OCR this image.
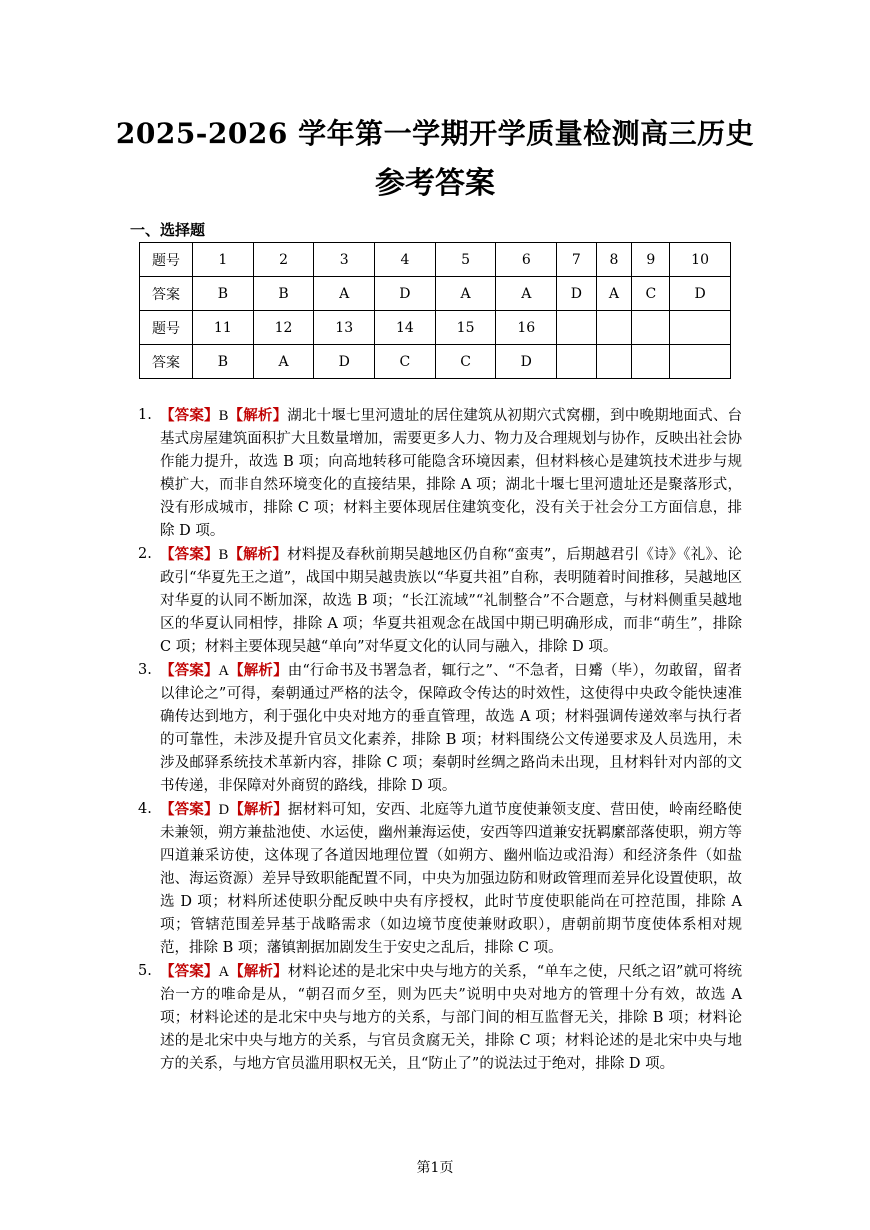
2025-2026 学年第一学期开学质量检测高三历史
参考答案
一、选择题
题号	1	2	3	4	5	6	7	8	9	10
答案	B	B	A	D	A	A	D	A	C	D
题号	11	12	13	14	15	16				
答案	B	A	D	C	C	D				
1. 【答案】B【解析】湖北十堰七里河遗址的居住建筑从初期穴式窝棚，到中晚期地面式、台基式房屋建筑面积扩大且数量增加，需要更多人力、物力及合理规划与协作，反映出社会协作能力提升，故选 B 项；向高地转移可能隐含环境因素，但材料核心是建筑技术进步与规模扩大，而非自然环境变化的直接结果，排除 A 项；湖北十堰七里河遗址还是聚落形式，没有形成城市，排除 C 项；材料主要体现居住建筑变化，没有关于社会分工方面信息，排除 D 项。
2. 【答案】B【解析】材料提及春秋前期吴越地区仍自称“蛮夷”，后期越君引《诗》《礼》、论政引“华夏先王之道”，战国中期吴越贵族以“华夏共祖”自称，表明随着时间推移，吴越地区对华夏的认同不断加深，故选 B 项；“长江流域”“礼制整合”不合题意，与材料侧重吴越地区的华夏认同相悖，排除 A 项；华夏共祖观念在战国中期已明确形成，而非“萌生”，排除 C 项；材料主要体现吴越“单向”对华夏文化的认同与融入，排除 D 项。
3. 【答案】A【解析】由“行命书及书署急者，辄行之”、“不急者，日觱（毕），勿敢留，留者以律论之”可得，秦朝通过严格的法令，保障政令传达的时效性，这使得中央政令能快速准确传达到地方，利于强化中央对地方的垂直管理，故选 A 项；材料强调传递效率与执行者的可靠性，未涉及提升官员文化素养，排除 B 项；材料围绕公文传递要求及人员选用，未涉及邮驿系统技术革新内容，排除 C 项；秦朝时丝绸之路尚未出现，且材料针对内部的文书传递，非保障对外商贸的路线，排除 D 项。
4. 【答案】D【解析】据材料可知，安西、北庭等九道节度使兼领支度、营田使，岭南经略使未兼领，朔方兼盐池使、水运使，幽州兼海运使，安西等四道兼安抚羁縻部落使职，朔方等四道兼采访使，这体现了各道因地理位置（如朔方、幽州临边或沿海）和经济条件（如盐池、海运资源）差异导致职能配置不同，中央为加强边防和财政管理而差异化设置使职，故选 D 项；材料所述使职分配反映中央有序授权，此时节度使职能尚在可控范围，排除 A 项；管辖范围差异基于战略需求（如边境节度使兼财政职），唐朝前期节度使体系相对规范，排除 B 项；藩镇割据加剧发生于安史之乱后，排除 C 项。
5. 【答案】A【解析】材料论述的是北宋中央与地方的关系，“单车之使，尺纸之诏”就可将统治一方的唯命是从，“朝召而夕至，则为匹夫”说明中央对地方的管理十分有效，故选 A 项；材料论述的是北宋中央与地方的关系，与部门间的相互监督无关，排除 B 项；材料论述的是北宋中央与地方的关系，与官员贪腐无关，排除 C 项；材料论述的是北宋中央与地方的关系，与地方官员滥用职权无关，且“防止了”的说法过于绝对，排除 D 项。
第1页
